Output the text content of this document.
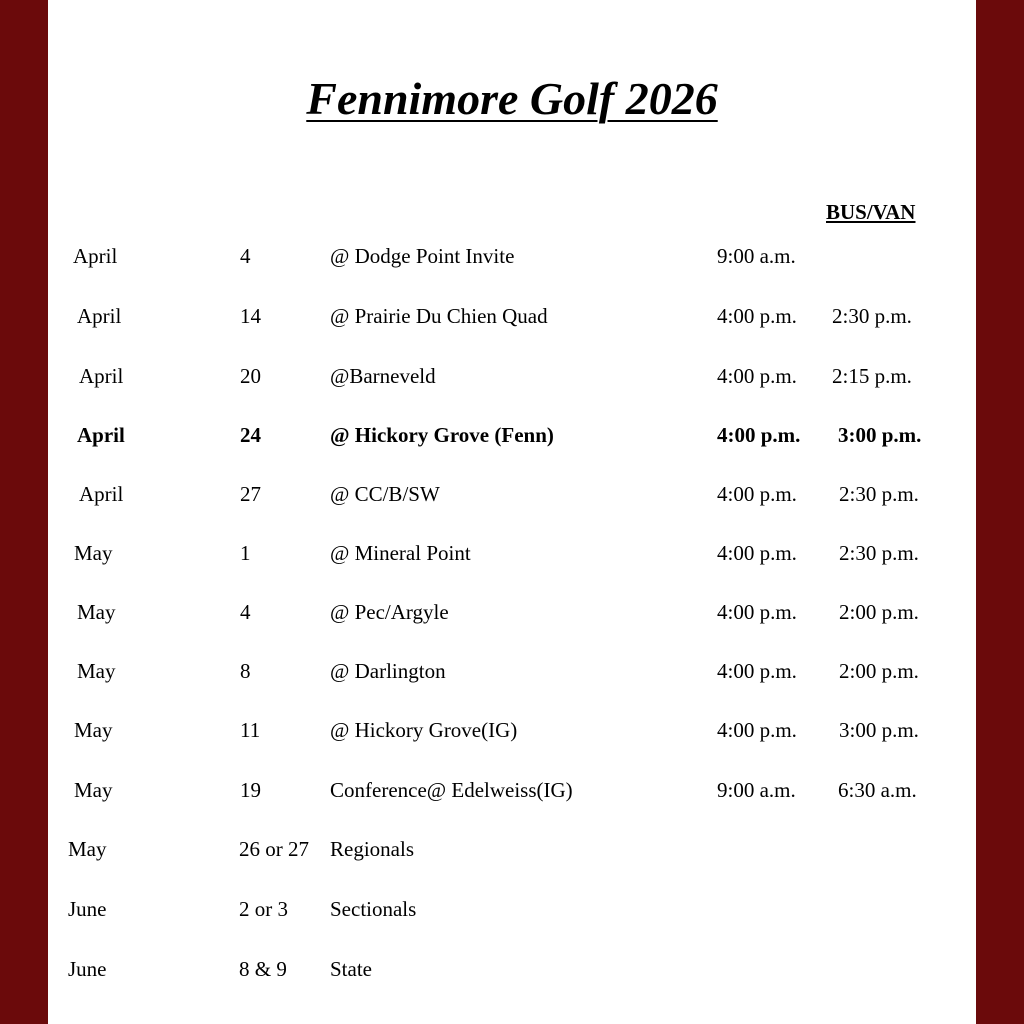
Fennimore Golf 2026
BUS/VAN
April	4	@ Dodge Point Invite	9:00 a.m.
April	14	@ Prairie Du Chien Quad	4:00 p.m. 2:30 p.m.
April	20	@Barneveld	4:00 p.m. 2:15 p.m.
April	24	@ Hickory Grove (Fenn)	4:00 p.m. 3:00 p.m.
April	27	@ CC/B/SW	4:00 p.m. 2:30 p.m.
May	1	@ Mineral Point	4:00 p.m. 2:30 p.m.
May	4	@ Pec/Argyle	4:00 p.m. 2:00 p.m.
May	8	@ Darlington	4:00 p.m. 2:00 p.m.
May	11	@ Hickory Grove(IG)	4:00 p.m. 3:00 p.m.
May	19	Conference@ Edelweiss(IG)	9:00 a.m. 6:30 a.m.
May	26 or 27 Regionals
June	2 or 3 Sectionals
June	8 & 9 State
